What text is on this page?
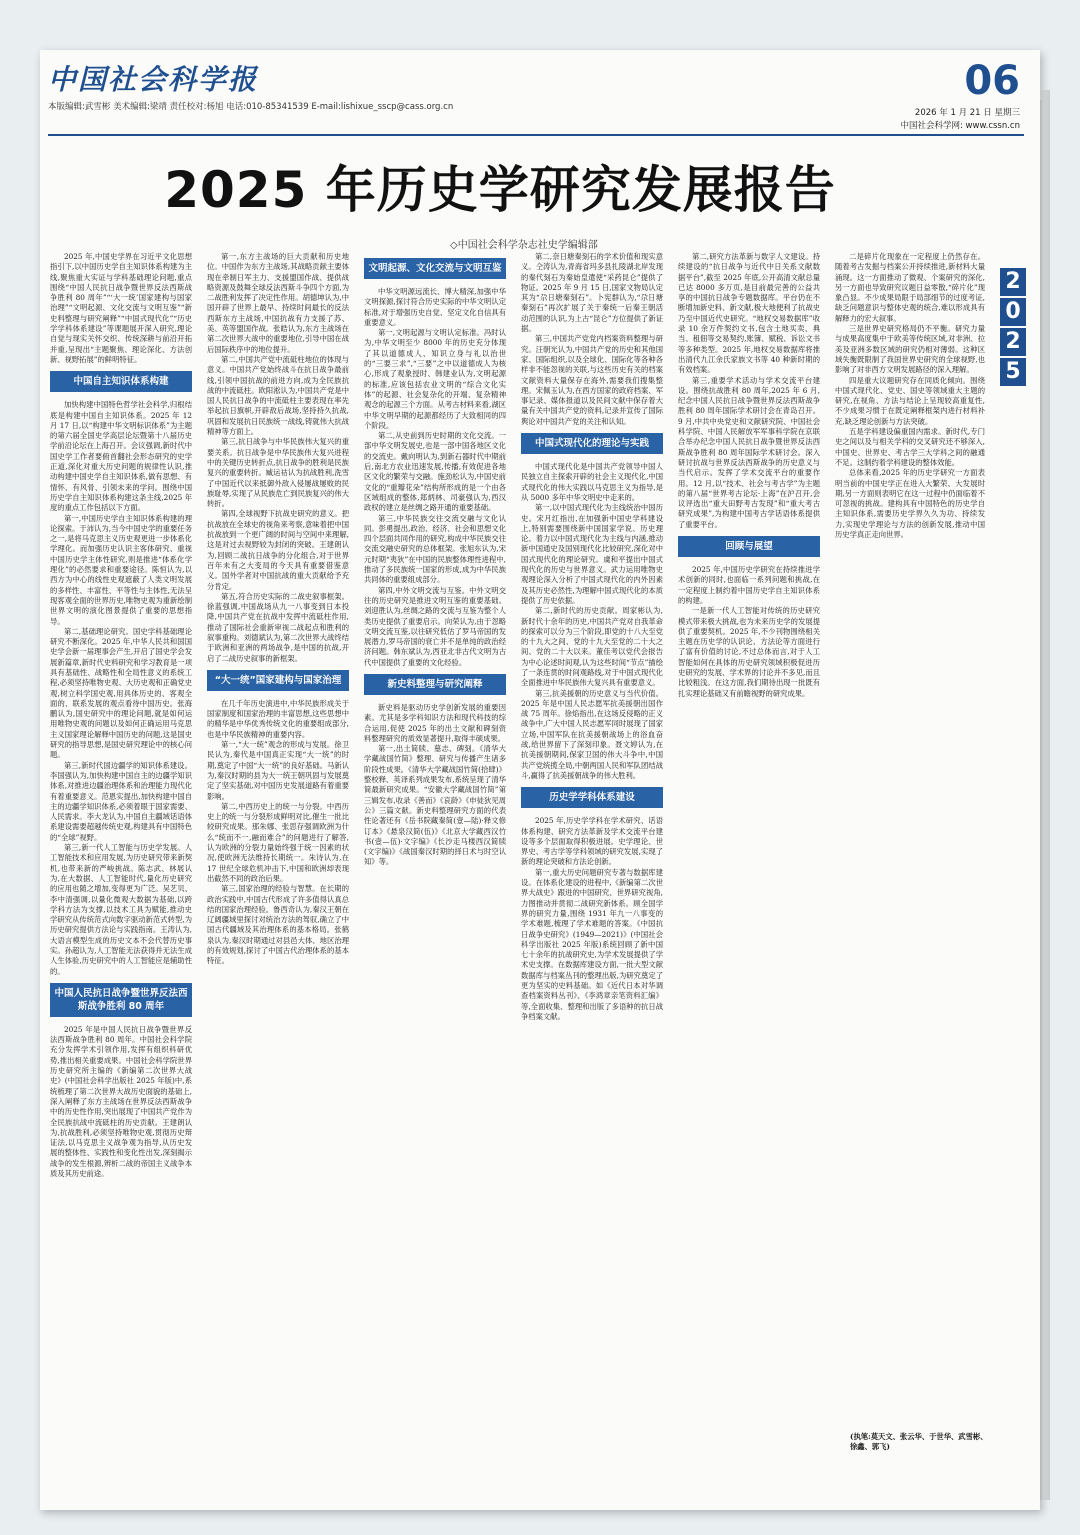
中国社会科学报
本版编辑:武雪彬 美术编辑:梁靖 责任校对:杨旭 电话:010-85341539 E-mail:lishixue_sscp@cass.org.cn
06
2026 年 1 月 21 日 星期三
中国社会科学网: www.cssn.cn
2025 年历史学研究发展报告
◇中国社会科学杂志社史学编辑部
2
0
2
5

2025 年,中国史学界在习近平文化思想指引下,以中国历史学自主知识体系构建为主线,聚焦重大实证与学科基础理论问题,重点围绕“中国人民抗日战争暨世界反法西斯战争胜利 80 周年”“‘大一统’国家建构与国家治理”“文明起源、文化交流与文明互鉴”“新史料整理与研究阐释”“中国式现代化”“历史学学科体系建设”等课题展开深入研究,理论自觉与现实关怀交织、传统深耕与前沿开拓并重,呈现出“主题聚焦、理论深化、方法创新、视野拓展”的鲜明特征。

中国自主知识体系构建

加快构建中国特色哲学社会科学,归根结底是构建中国自主知识体系。2025 年 12 月 17 日,以“构建中华文明标识体系”为主题的第六届全国史学高层论坛暨第十八届历史学前沿论坛在上海召开。会议强调,新时代中国史学工作者要俯首翻社会形态研究的史学正道,深化对重大历史问题的规律性认识,推动构建中国史学自主知识体系,做有思想、有情怀、有风骨、引领未来的学问。围绕中国历史学自主知识体系构建这条主线,2025 年度的重点工作包括以下方面。

第一,中国历史学自主知识体系构建的理论探索。于沛认为,当今中国史学的重要任务之一,是将马克思主义历史观更进一步体系化学理化。而加强历史认识主客体研究、重视中国历史学主体性研究,则是推进“体系化学理化”的必然要求和重要途径。陈恒认为,以西方为中心的线性史观遮蔽了人类文明发展的多样性、丰富性、平等性与主体性,无法呈现客观全面的世界历史,唯物史观为重新绘制世界文明的演化图景提供了重要的思想指导。

第二,基础理论研究。国史学科基础理论研究不断深化。2025 年,中华人民共和国国史学会新一届理事会产生,开启了国史学会发展新篇章,新时代史料研究和学习教育是一项具有基础性、战略性和全局性意义的系统工程,必须坚持唯物史观、大历史观和正确党史观,树立科学国史观,用具体历史的、客观全面的、联系发展的观点看待中国历史。张海鹏认为,国史研究中的理论问题,就是如何运用唯物史观的问题以及如何正确运用马克思主义国家理论解释中国历史的问题,这是国史研究的指导思想,是国史研究理论中的核心问题。

第三,新时代国边疆学的知识体系建设。李国强认为,加快构建中国自主的边疆学知识体系,对推进边疆治理体系和治理能力现代化有着重要意义。范恩实提出,加快构建中国自主的边疆学知识体系,必须着眼于国家需要、人民需求。李大龙认为,中国自主疆域话语体系建设需要超越传统史观,构建具有中国特色的“全球”视野。

第三,新一代人工智能与历史学发展。人工智能技术和应用发展,为历史研究带来新契机,也带来新的严峻挑战。陈志武、林展认为,在大数据、人工智能时代,量化历史研究的应用也随之增加,变得更为广泛。吴艺贝、李中清强调,以量化微观大数据为基础,以跨学科方法为支撑,以技术工具为赋能,推动史学研究从传统范式向数字驱动新范式转型,为历史研究提供方法论与实践指南。王涛认为,大语言模型生成的历史文本不会代替历史事实。孙超认为,人工智能无法获得并无法生成人生体验,历史研究中的人工智能应是辅助性的。

中国人民抗日战争暨世界反法西斯战争胜利 80 周年

2025 年是中国人民抗日战争暨世界反法西斯战争胜利 80 周年。中国社会科学院充分发挥学术引领作用,发挥有组织科研优势,推出相关重要成果。中国社会科学院世界历史研究所主编的《新编第二次世界大战史》(中国社会科学出版社 2025 年版)中,系统梳理了第二次世界大战历史面貌的基础上,深入阐释了东方主战场在世界反法西斯战争中的历史性作用,突出展现了中国共产党作为全民族抗战中流砥柱的历史贡献。王建朗认为,抗战胜利,必须坚持唯物史观,贯彻历史辩证法,以马克思主义战争观为指导,从历史发展的整体性、实践性和变化性出发,深刻揭示战争的发生根源,辨析二战的帝国主义战争本质及其历史前途。

第一,东方主战场的巨大贡献和历史地位。中国作为东方主战场,其战略贡献主要体现在牵制日军主力、支援盟国作战、提供战略资源及鼓舞全球反法西斯斗争四个方面,为二战胜利发挥了决定性作用。胡德坤认为,中国开辟了世界上最早、持续时间最长的反法西斯东方主战场,中国抗战有力支援了苏、美、英等盟国作战。张皓认为,东方主战场在第二次世界大战中的重要地位,引导中国在战后国际秩序中的地位提升。

第二,中国共产党中流砥柱地位的体现与意义。中国共产党始终战斗在抗日战争最前线,引领中国抗战的前进方向,成为全民族抗战的中流砥柱。欧阳淞认为,中国共产党是中国人民抗日战争的中流砥柱主要表现在率先举起抗日旗帜,开辟敌后战场,坚持持久抗战,巩固和发展抗日民族统一战线,铸就伟大抗战精神等方面上。

第三,抗日战争与中华民族伟大复兴的重要关系。抗日战争是中华民族伟大复兴进程中的关键历史转折点,抗日战争的胜利是民族复兴的重要转折。臧运祜认为抗战胜利,洗雪了中国近代以来抵御外敌入侵屡战屡败的民族耻辱,实现了从民族危亡到民族复兴的伟大转折。

第四,全球视野下抗战史研究的意义。把抗战放在全球史的视角来考察,意味着把中国抗战放到一个更广阔的时间与空间中来理解,这是对过去视野较为封闭的突破。王建朗认为,回顾二战抗日战争的分化组合,对于世界百年未有之大变局的今天具有重要借鉴意义。国外学者对中国抗战的重大贡献给予充分肯定。

第五,符合历史实际的二战史叙事框架。徐蓝强调,中国战场从九一八事变到日本投降,中国共产党在抗战中发挥中流砥柱作用,推动了国际社会重新审视二战起点和胜利的叙事重构。刘德斌认为,第二次世界大战终结于欧洲和亚洲的两场战争,是中国的抗战,开启了二战历史叙事的新框架。

“大一统”国家建构与国家治理

在几千年历史演进中,中华民族形成关于国家制度和国家治理的丰富思想,这些思想中的精华是中华优秀传统文化的重要组成部分,也是中华民族精神的重要内容。

第一,“大一统”观念的形成与发展。徐卫民认为,秦代是中国真正实现“大一统”的时期,奠定了中国“大一统”的良好基础。马新认为,秦汉时期的县为大一统王朝巩固与发展奠定了坚实基础,对中国历史发展道路有着重要影响。

第二,中西历史上的统一与分裂。中西历史上的统一与分裂形成鲜明对比,催生一批比较研究成果。那朱娜、张思存强调欧洲为什么“统而不一,融而难合”的问题进行了解答,认为欧洲的分裂力量始终强于统一因素的状况,使欧洲无法维持长期统一。朱诗认为,在 17 世纪全球危机冲击下,中国和欧洲却表现出截然不同的政治后果。

第三,国家治理的经验与智慧。在长期的政治实践中,中国古代形成了许多值得认真总结的国家治理经验。鲁西奇认为,秦汉王朝在辽阔疆域里探讨对统治方法的驾驭,确立了中国古代疆域及其治理体系的基本格局。张鹤泉认为,秦汉时期通过对县邑大体、地区治理的有效规划,探讨了中国古代治理体系的基本特征。

文明起源、文化交流与文明互鉴

中华文明源远流长、博大精深,加强中华文明探源,探讨符合历史实际的中华文明认定标准,对于增强历史自觉、坚定文化自信具有重要意义。

第一,文明起源与文明认定标准。冯时认为,中华文明至少 8000 年的历史充分体现了其以道德成人、知识立身与礼以治世的“三要三求”,“三要”之中以道德成人为核心,形成了观象授时、韩建业认为,文明起源的标准,应该包括农业文明的“综合文化实体”的起源、社会复杂化的开端、复杂精神观念的起源三个方面。从考古材料来看,湖区中华文明早期的起源都经历了大致相同的四个阶段。

第二,从史前到历史时期的文化交流。一部中华文明发展史,也是一部中国各地区文化的交流史。戴向明认为,到新石器时代中期前后,南北方农业迅速发展,传播,有效促进各地区文化的繁荣与交融。施劲松认为,中国史前文化的“重瓣花朵”结构所形成的是一个由各区域组成的整体,郑炳林、司豪强认为,西汉政权的建立是丝绸之路开通的重要基础。

第三,中华民族交往交流交融与文化认同。彭勇提出,政治、经济、社会和思想文化四个层面共同作用的研究,构成中华民族交往交流交融史研究的总体框架。张旭东认为,宋元时期“夷狄”在中国的民族整体理性进程中,推动了多民族统一国家的形成,成为中华民族共同体的重要组成部分。

第四,中外文明交流与互鉴。中外文明交往的历史研究是推进文明互鉴的重要基础。刘迎胜认为,丝绸之路的交流与互鉴为整个人类历史提供了重要启示。向荣认为,由于忽略文明交流互鉴,以往研究低估了罗马帝国的发展潜力,罗马帝国的衰亡并不是单纯的政治经济问题。韩东斌认为,西亚北非古代文明为古代中国提供了重要的文化经验。

新史料整理与研究阐释

新史料是驱动历史学创新发展的重要因素。尤其是多学科知识方法和现代科技的综合运用,促使 2025 年的出土文献和碑刻资料整理研究的质效显著提升,取得丰硕成果。

第一,出土简牍、墓志、碑刻。《清华大学藏战国竹简》整理、研究与传播产生诸多阶段性成果。《清华大学藏战国竹简(拾肆)》整校释、英译系列成果发布,系统呈现了清华简最新研究成果。“安徽大学藏战国竹简”第三辑发布,收录《善而》《哀龄》《申徒狄见周公》三篇文献。新史料整理研究方面的代表性论著还有《岳书院藏秦简(壹—陆)·释文修订本》《悬泉汉简(伍)》《北京大学藏西汉竹书(壹—伍)·文字编》《长沙走马楼西汉简牍(文字编)》《战国秦汉时期的择日术与时空认知》等。

第二,奈日塘秦刻石的学术价值和现实意义。仝涛认为,青海省玛多县扎陵湖北岸发现的秦代刻石为秦始皇遣使“采药昆仑”提供了物证。2025 年 9 月 15 日,国家文物局认定其为“尕日塘秦刻石”。卜宪群认为,“尕日塘秦刻石”再次扩展了关于秦统一后秦王朝活动范围的认识,为上古“昆仑”方位提供了新证据。

第三,中国共产党党内档案资料整理与研究。汪朝光认为,中国共产党的历史和其他国家、国际组织,以及全球化、国际化等各种各样非不能忽视的关联,与这些历史有关的档案文献资料大量保存在海外,需要我们搜集整理。宋佩玉认为,在西方国家的政府档案、军事记录、媒体报道以及民间文献中保存着大量有关中国共产党的资料,记录并宣传了国际舆论对中国共产党的关注和认知。

中国式现代化的理论与实践

中国式现代化是中国共产党领导中国人民独立自主探索开辟的社会主义现代化,中国式现代化的伟大实践以马克思主义为指导,是从 5000 多年中华文明史中走来的。

第一,以中国式现代化为主线统治中国历史。宋月红指出,在加强新中国史学科建设上,特别需要围绕新中国国家学说、历史理论、着力以中国式现代化为主线与内涵,推动新中国通史及国别现代化比较研究,深化对中国式现代化的理论研究。虞和平提出中国式现代化的历史与世界意义。武力运用唯物史观理论深入分析了中国式现代化的内外因素及其历史必然性,为理解中国式现代化的本质提供了历史依据。

第二,新时代的历史贡献。周家彬认为,新时代十余年的历史,中国共产党对自我革命的探索可以分为三个阶段,即党的十八大至党的十九大之间、党的十九大至党的二十大之间、党的二十大以来。董佳考以党代会报告为中心论述时间观,认为这些时间“节点”描绘了一条连贯的时间观路线,对于中国式现代化全面推进中华民族伟大复兴具有重要意义。

第三,抗美援朝的历史意义与当代价值。2025 年是中国人民志愿军抗美援朝出国作战 75 周年。徐焰指出,在这场反侵略的正义战争中,广大中国人民志愿军同时展现了国家立场,中国军队在抗美援朝战场上的浴血奋战,给世界留下了深刻印象。聂文婷认为,在抗美援朝期间,保家卫国的伟大斗争中,中国共产党统揽全局,中朝两国人民和军队团结战斗,赢得了抗美援朝战争的伟大胜利。

历史学学科体系建设

2025 年,历史学学科在学术研究、话语体系构建、研究方法革新及学术交流平台建设等多个层面取得积极进展。史学理论、世界史、考古学等学科领域的研究发展,实现了新的理论突破和方法论创新。

第一,重大历史问题研究专著与数据库建设。在体系化建设的进程中,《新编第二次世界大战史》跟进的中国研究、世界研究视角,力图推动并贯彻二战研究新体系。顾全国学界的研究力量,围绕 1931 年九一八事变的学术难题,梳理了学术难题的答案。《中国抗日战争史研究》(1949—2021)》(中国社会科学出版社 2025 年版)系统回顾了新中国七十余年的抗战研究史,为学术发展提供了学术史支撑。在数据库建设方面,一批大型文献数据库与档案丛刊的整理出版,为研究奠定了更为坚实的史料基础。如《近代日本对华调查档案资料丛刊》、《李鸿章亲笔资料汇编》等,全面收集、整理和出版了多语种的抗日战争档案文献。

第二,研究方法革新与数字人文建设。持续建设的“抗日战争与近代中日关系文献数据平台”,截至 2025 年底,公开高清文献总量已达 8000 多万页,是目前最完善的公益共享的中国抗日战争专题数据库。平台仍在不断增加新史料、新文献,极大地便利了抗战史乃至中国近代史研究。“地权交易数据库”收录 10 余万件契约文书,包含土地买卖、典当、租佃等交易契约,账簿、赋税、诉讼文书等多种类型。2025 年,地权交易数据库将推出清代九江余氏家族文书等 40 种新时期的有效档案。

第三,重要学术活动与学术交流平台建设。围绕抗战胜利 80 周年,2025 年 6 月,纪念中国人民抗日战争暨世界反法西斯战争胜利 80 周年国际学术研讨会在青岛召开。9 月,中共中央党史和文献研究院、中国社会科学院、中国人民解放军军事科学院在京联合举办纪念中国人民抗日战争暨世界反法西斯战争胜利 80 周年国际学术研讨会。深入研讨抗战与世界反法西斯战争的历史意义与当代启示。发挥了学术交流平台的重要作用。12 月,以“技术、社会与考古学”为主题的第八届“世界考古论坛·上海”在沪召开,会议评选出“重大田野考古发现”和“重大考古研究成果”,为构建中国考古学话语体系提供了重要平台。

回顾与展望

2025 年,中国历史学研究在持续推进学术创新的同时,也面临一系列问题和挑战,在一定程度上制约着中国历史学自主知识体系的构建。

一是新一代人工智能对传统的历史研究模式带来极大挑战,也为未来历史学的发展提供了重要契机。2025 年,不少刊物围绕相关主题在历史学的认识论、方法论等方面进行了富有价值的讨论,不过总体而言,对于人工智能如何在具体的历史研究领域积极促进历史研究的发展、学术界的讨论并不多见,而且比较粗浅。在这方面,我们期待出现一批既有扎实理论基础又有前瞻视野的研究成果。

二是碎片化现象在一定程度上仍然存在。随着考古发掘与档案公开持续推进,新材料大量涌现。这一方面推动了微观、个案研究的深化,另一方面也导致研究议题日益零散,“碎片化”现象凸显。不少成果局限于局部细节的过度考证,缺乏问题意识与整体史观的统合,难以形成具有解释力的宏大叙事。

三是世界史研究格局仍不平衡。研究力量与成果高度集中于欧美等传统区域,对非洲、拉美及亚洲多数区域的研究仍相对薄弱。这种区域失衡既限制了我国世界史研究的全球视野,也影响了对非西方文明发展路径的深入理解。

四是重大议题研究存在同质化倾向。围绕中国式现代化、党史、国史等领域重大主题的研究,在视角、方法与结论上呈现较高重复性,不少成果习惯于在既定阐释框架内进行材料补充,缺乏理论创新与方法突破。

五是学科建设偏重国内需求。新时代,专门史之间以及与相关学科的交叉研究还不够深入,中国史、世界史、考古学三大学科之间的融通不足。这制约着学科建设的整体效能。

总体来看,2025 年的历史学研究一方面表明当前的中国史学正在进入大繁荣、大发展时期,另一方面则表明它在这一过程中仍面临着不可忽视的挑战。建构具有中国特色的历史学自主知识体系,需要历史学界久久为功、持续发力,实现史学理论与方法的创新发展,推动中国历史学真正走向世界。

(执笔:莫天文、张云华、于世华、武雪彬、徐鑫、郭飞)
